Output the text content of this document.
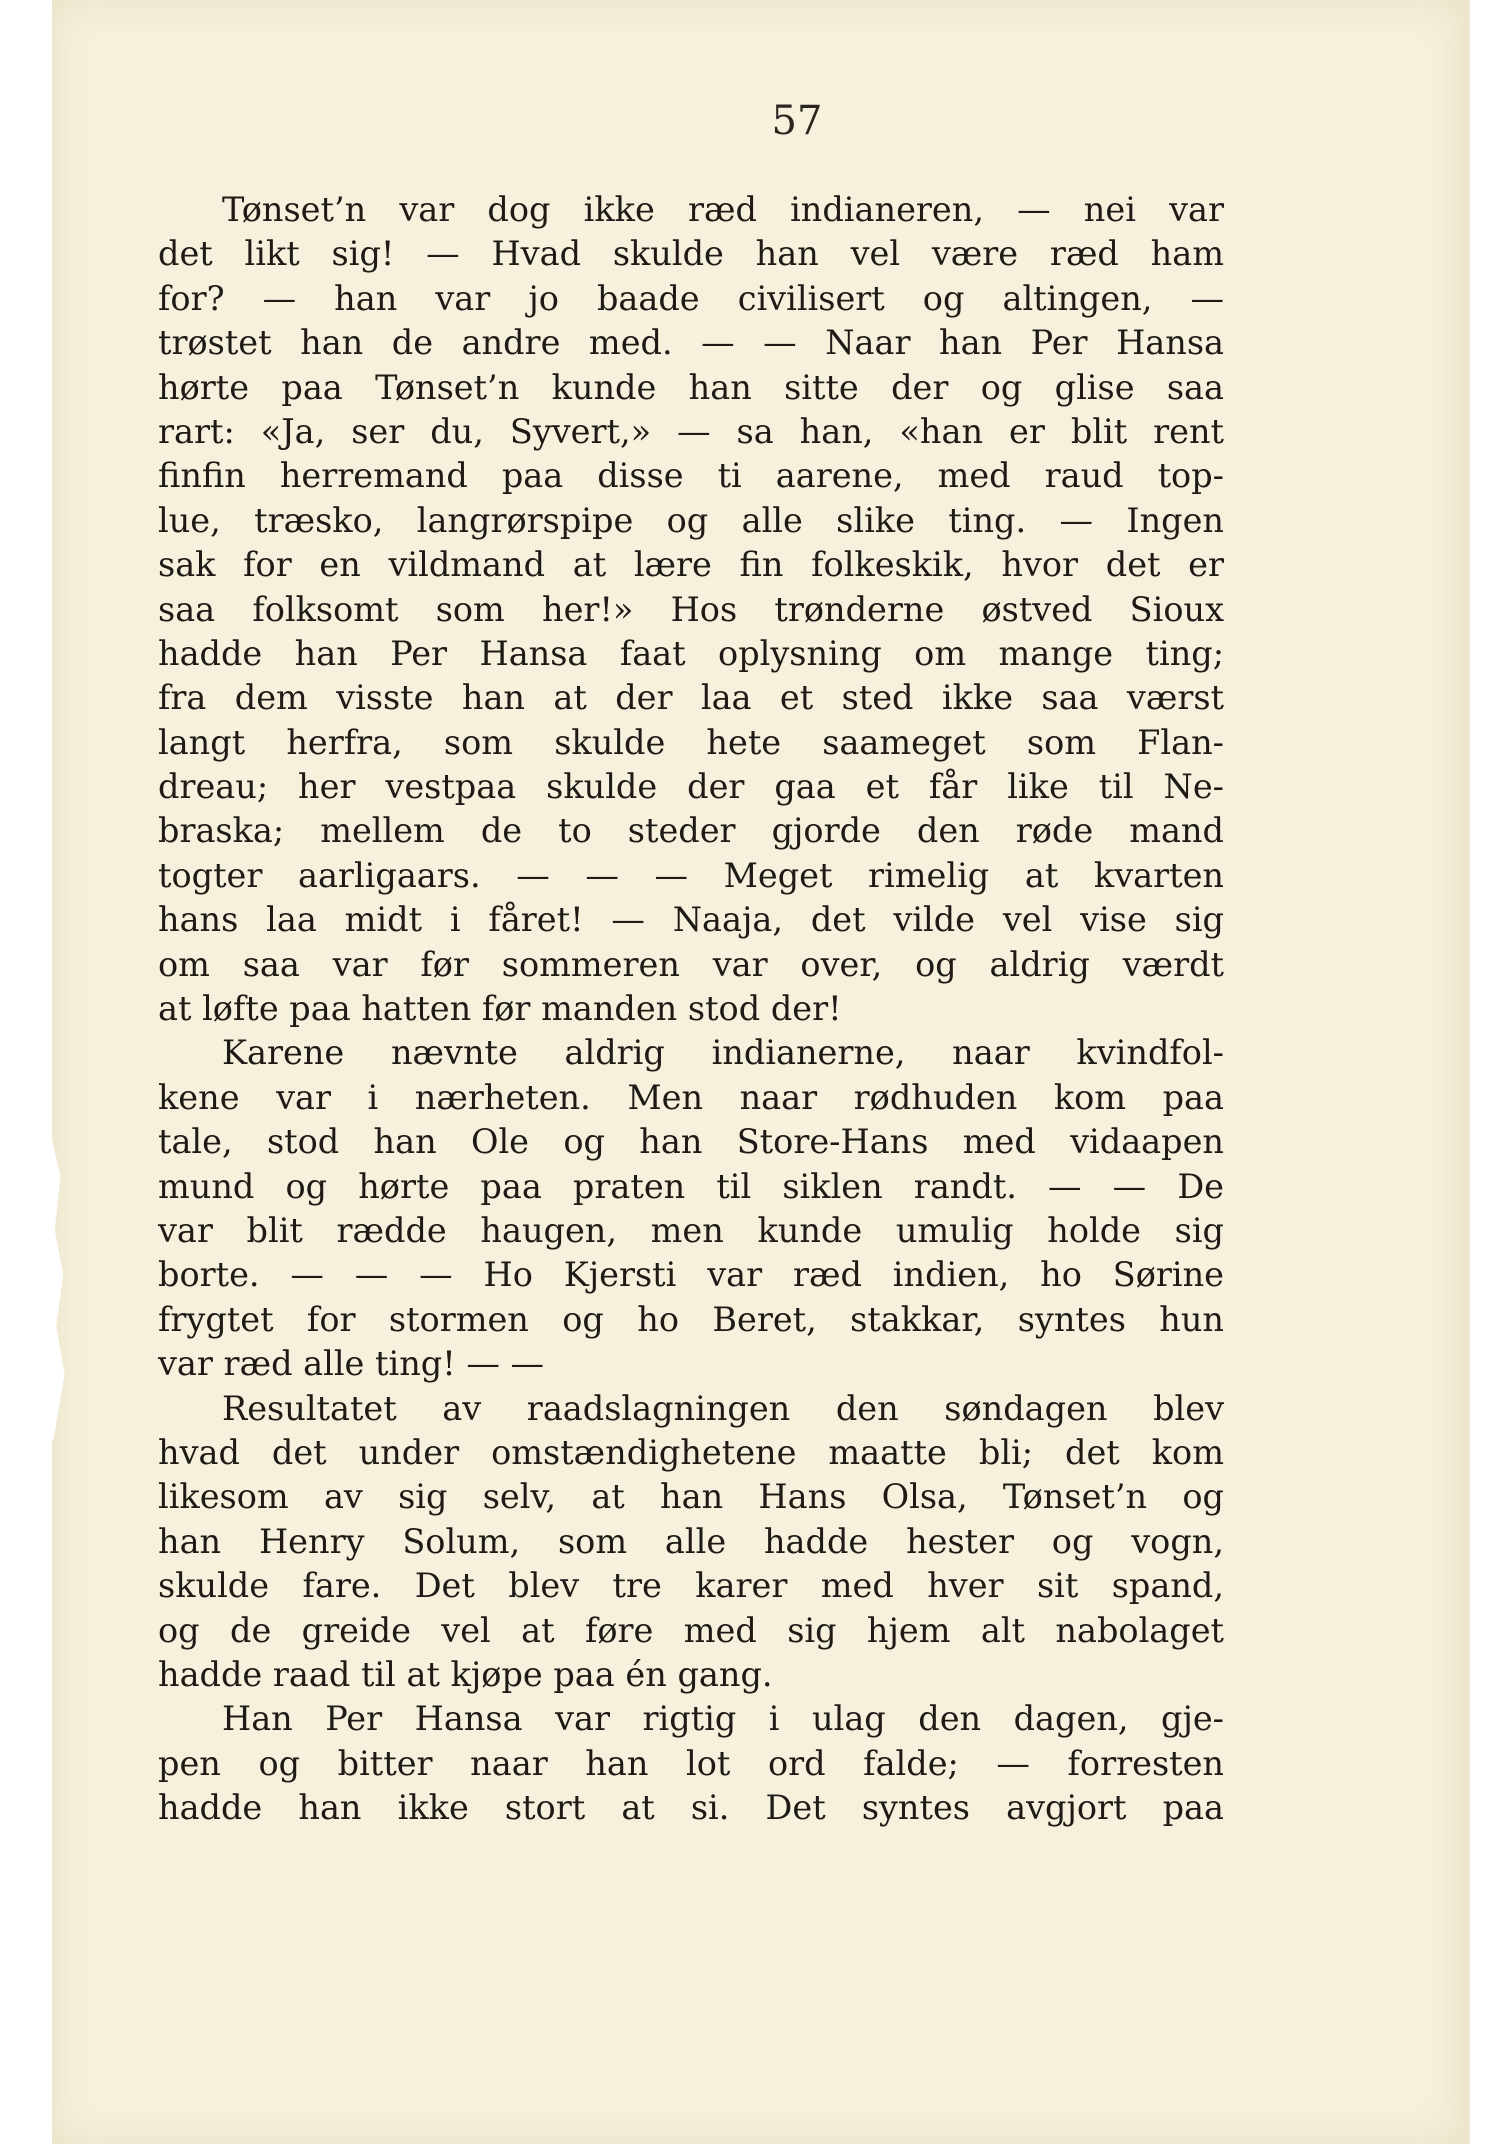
57
Tønset’n var dog ikke ræd indianeren, — nei var
det likt sig! — Hvad skulde han vel være ræd ham
for? — han var jo baade civilisert og altingen, —
trøstet han de andre med. — — Naar han Per Hansa
hørte paa Tønset’n kunde han sitte der og glise saa
rart: «Ja, ser du, Syvert,» — sa han, «han er blit rent
finfin herremand paa disse ti aarene, med raud top-
lue, træsko, langrørspipe og alle slike ting. — Ingen
sak for en vildmand at lære fin folkeskik, hvor det er
saa folksomt som her!» Hos trønderne østved Sioux
hadde han Per Hansa faat oplysning om mange ting;
fra dem visste han at der laa et sted ikke saa værst
langt herfra, som skulde hete saameget som Flan-
dreau; her vestpaa skulde der gaa et får like til Ne-
braska; mellem de to steder gjorde den røde mand
togter aarligaars. — — — Meget rimelig at kvarten
hans laa midt i fåret! — Naaja, det vilde vel vise sig
om saa var før sommeren var over, og aldrig værdt
at løfte paa hatten før manden stod der!
Karene nævnte aldrig indianerne, naar kvindfol-
kene var i nærheten. Men naar rødhuden kom paa
tale, stod han Ole og han Store-Hans med vidaapen
mund og hørte paa praten til siklen randt. — — De
var blit rædde haugen, men kunde umulig holde sig
borte. — — — Ho Kjersti var ræd indien, ho Sørine
frygtet for stormen og ho Beret, stakkar, syntes hun
var ræd alle ting! — —
Resultatet av raadslagningen den søndagen blev
hvad det under omstændighetene maatte bli; det kom
likesom av sig selv, at han Hans Olsa, Tønset’n og
han Henry Solum, som alle hadde hester og vogn,
skulde fare. Det blev tre karer med hver sit spand,
og de greide vel at føre med sig hjem alt nabolaget
hadde raad til at kjøpe paa én gang.
Han Per Hansa var rigtig i ulag den dagen, gje-
pen og bitter naar han lot ord falde; — forresten
hadde han ikke stort at si. Det syntes avgjort paa
